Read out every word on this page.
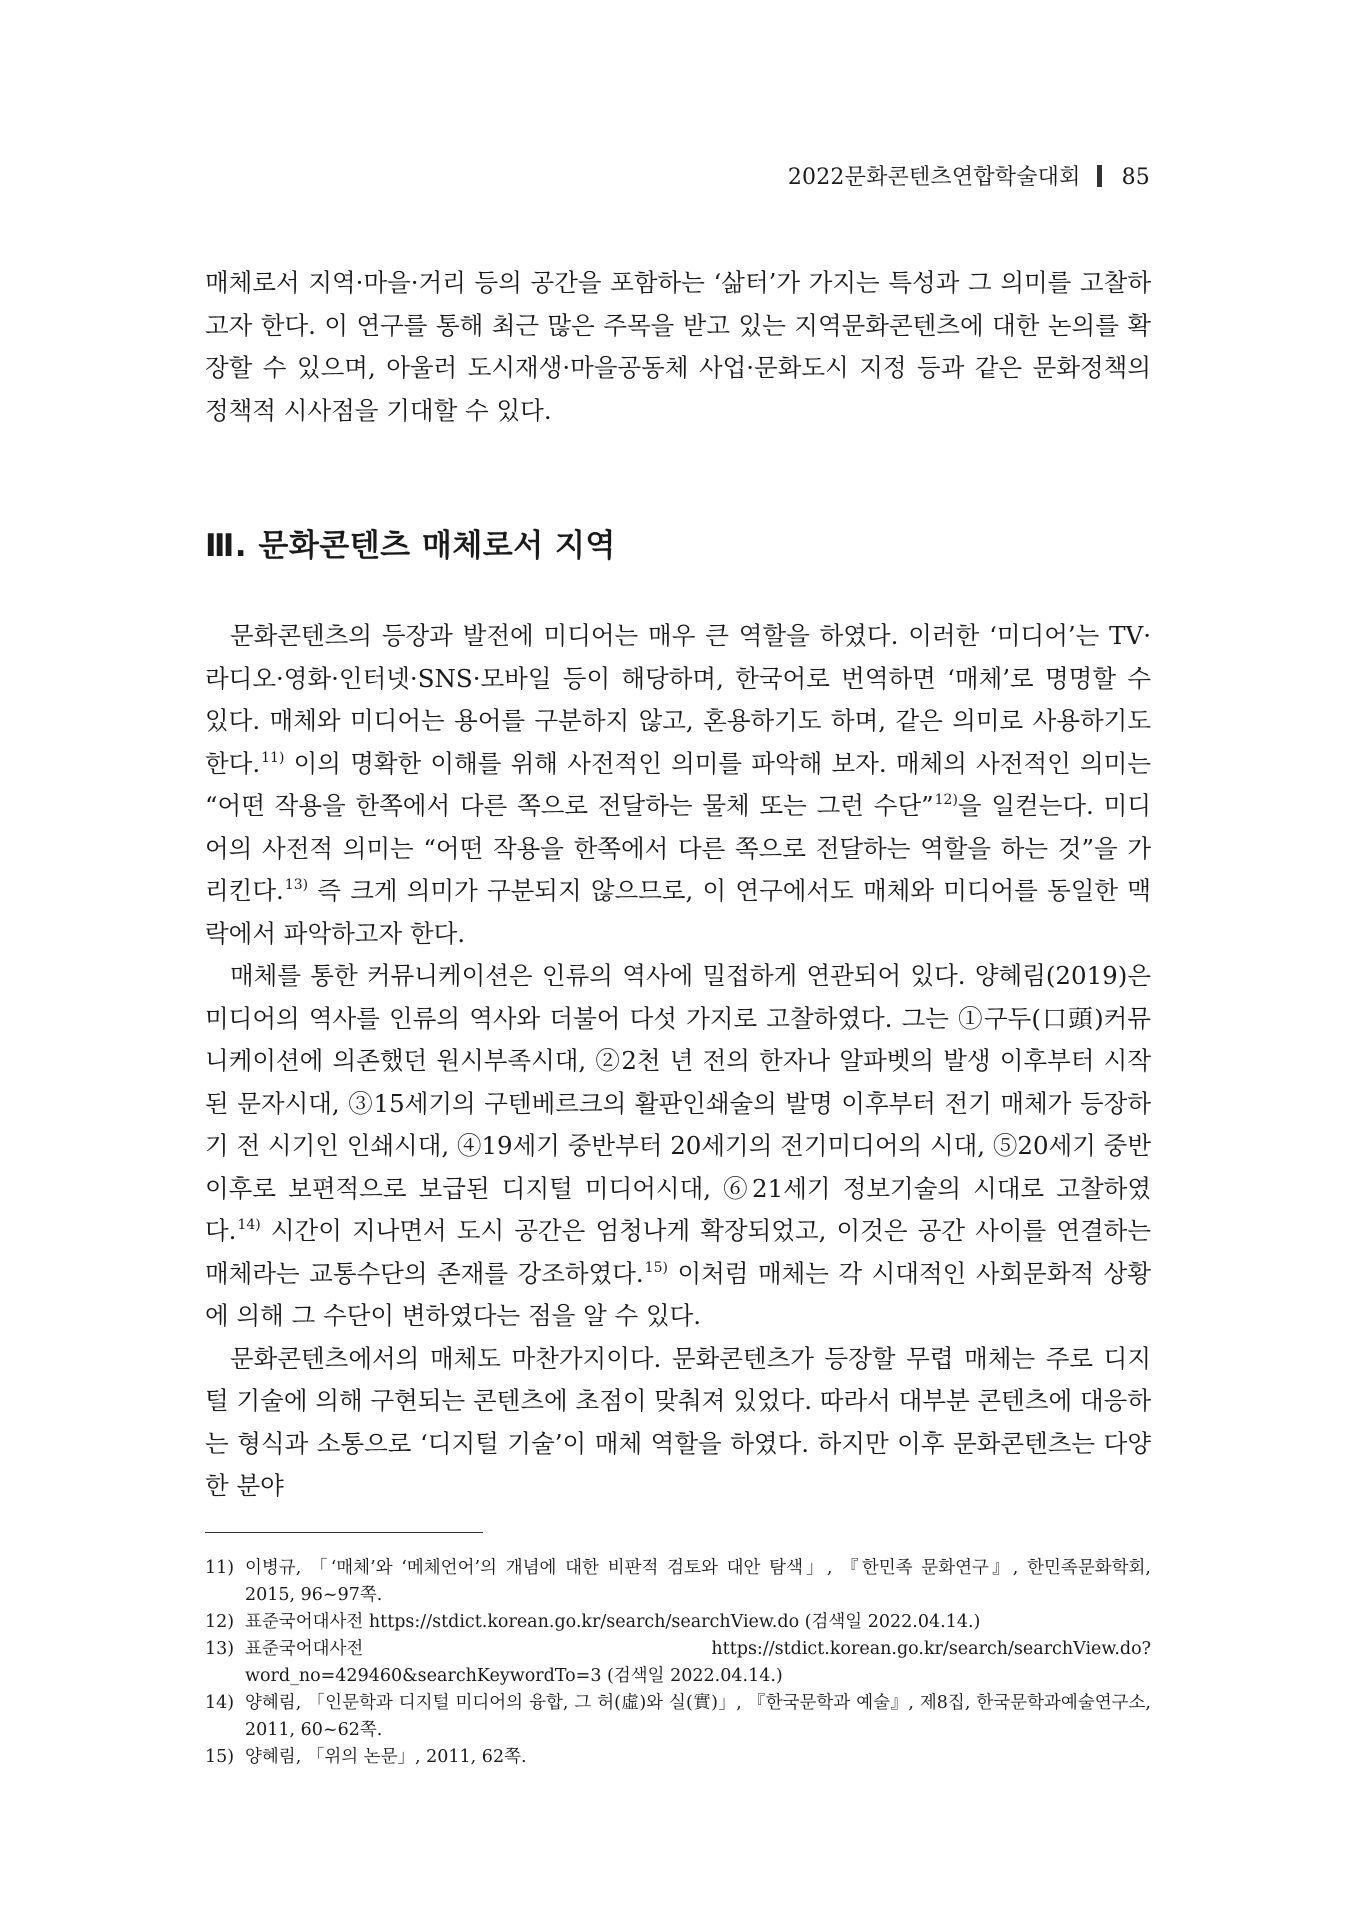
2022문화콘텐츠연합학술대회 85

매체로서 지역·마을·거리 등의 공간을 포함하는 ‘삶터’가 가지는 특성과 그 의미를 고찰하고자 한다. 이 연구를 통해 최근 많은 주목을 받고 있는 지역문화콘텐츠에 대한 논의를 확장할 수 있으며, 아울러 도시재생·마을공동체 사업·문화도시 지정 등과 같은 문화정책의 정책적 시사점을 기대할 수 있다.

Ⅲ. 문화콘텐츠 매체로서 지역

문화콘텐츠의 등장과 발전에 미디어는 매우 큰 역할을 하였다. 이러한 ‘미디어’는 TV·라디오·영화·인터넷·SNS·모바일 등이 해당하며, 한국어로 번역하면 ‘매체’로 명명할 수 있다. 매체와 미디어는 용어를 구분하지 않고, 혼용하기도 하며, 같은 의미로 사용하기도 한다.$^{11)}$ 이의 명확한 이해를 위해 사전적인 의미를 파악해 보자. 매체의 사전적인 의미는 “어떤 작용을 한쪽에서 다른 쪽으로 전달하는 물체 또는 그런 수단”$^{12)}$을 일컫는다. 미디어의 사전적 의미는 “어떤 작용을 한쪽에서 다른 쪽으로 전달하는 역할을 하는 것”을 가리킨다.$^{13)}$ 즉 크게 의미가 구분되지 않으므로, 이 연구에서도 매체와 미디어를 동일한 맥락에서 파악하고자 한다.

매체를 통한 커뮤니케이션은 인류의 역사에 밀접하게 연관되어 있다. 양혜림(2019)은 미디어의 역사를 인류의 역사와 더불어 다섯 가지로 고찰하였다. 그는 ①구두(口頭)커뮤니케이션에 의존했던 원시부족시대, ②2천 년 전의 한자나 알파벳의 발생 이후부터 시작된 문자시대, ③15세기의 구텐베르크의 활판인쇄술의 발명 이후부터 전기 매체가 등장하기 전 시기인 인쇄시대, ④19세기 중반부터 20세기의 전기미디어의 시대, ⑤20세기 중반 이후로 보편적으로 보급된 디지털 미디어시대, ⑥21세기 정보기술의 시대로 고찰하였다.$^{14)}$ 시간이 지나면서 도시 공간은 엄청나게 확장되었고, 이것은 공간 사이를 연결하는 매체라는 교통수단의 존재를 강조하였다.$^{15)}$ 이처럼 매체는 각 시대적인 사회문화적 상황에 의해 그 수단이 변하였다는 점을 알 수 있다.

문화콘텐츠에서의 매체도 마찬가지이다. 문화콘텐츠가 등장할 무렵 매체는 주로 디지털 기술에 의해 구현되는 콘텐츠에 초점이 맞춰져 있었다. 따라서 대부분 콘텐츠에 대응하는 형식과 소통으로 ‘디지털 기술’이 매체 역할을 하였다. 하지만 이후 문화콘텐츠는 다양한 분야

11) 이병규, 「‘매체’와 ‘메체언어’의 개념에 대한 비판적 검토와 대안 탐색」, 『한민족 문화연구』, 한민족문화학회, 2015, 96~97쪽.
12) 표준국어대사전 https://stdict.korean.go.kr/search/searchView.do (검색일 2022.04.14.)
13) 표준국어대사전 https://stdict.korean.go.kr/search/searchView.do?word_no=429460&searchKeywordTo=3 (검색일 2022.04.14.)
14) 양혜림, 「인문학과 디지털 미디어의 융합, 그 허(虛)와 실(實)」, 『한국문학과 예술』, 제8집, 한국문학과예술연구소, 2011, 60~62쪽.
15) 양혜림, 「위의 논문」, 2011, 62쪽.
